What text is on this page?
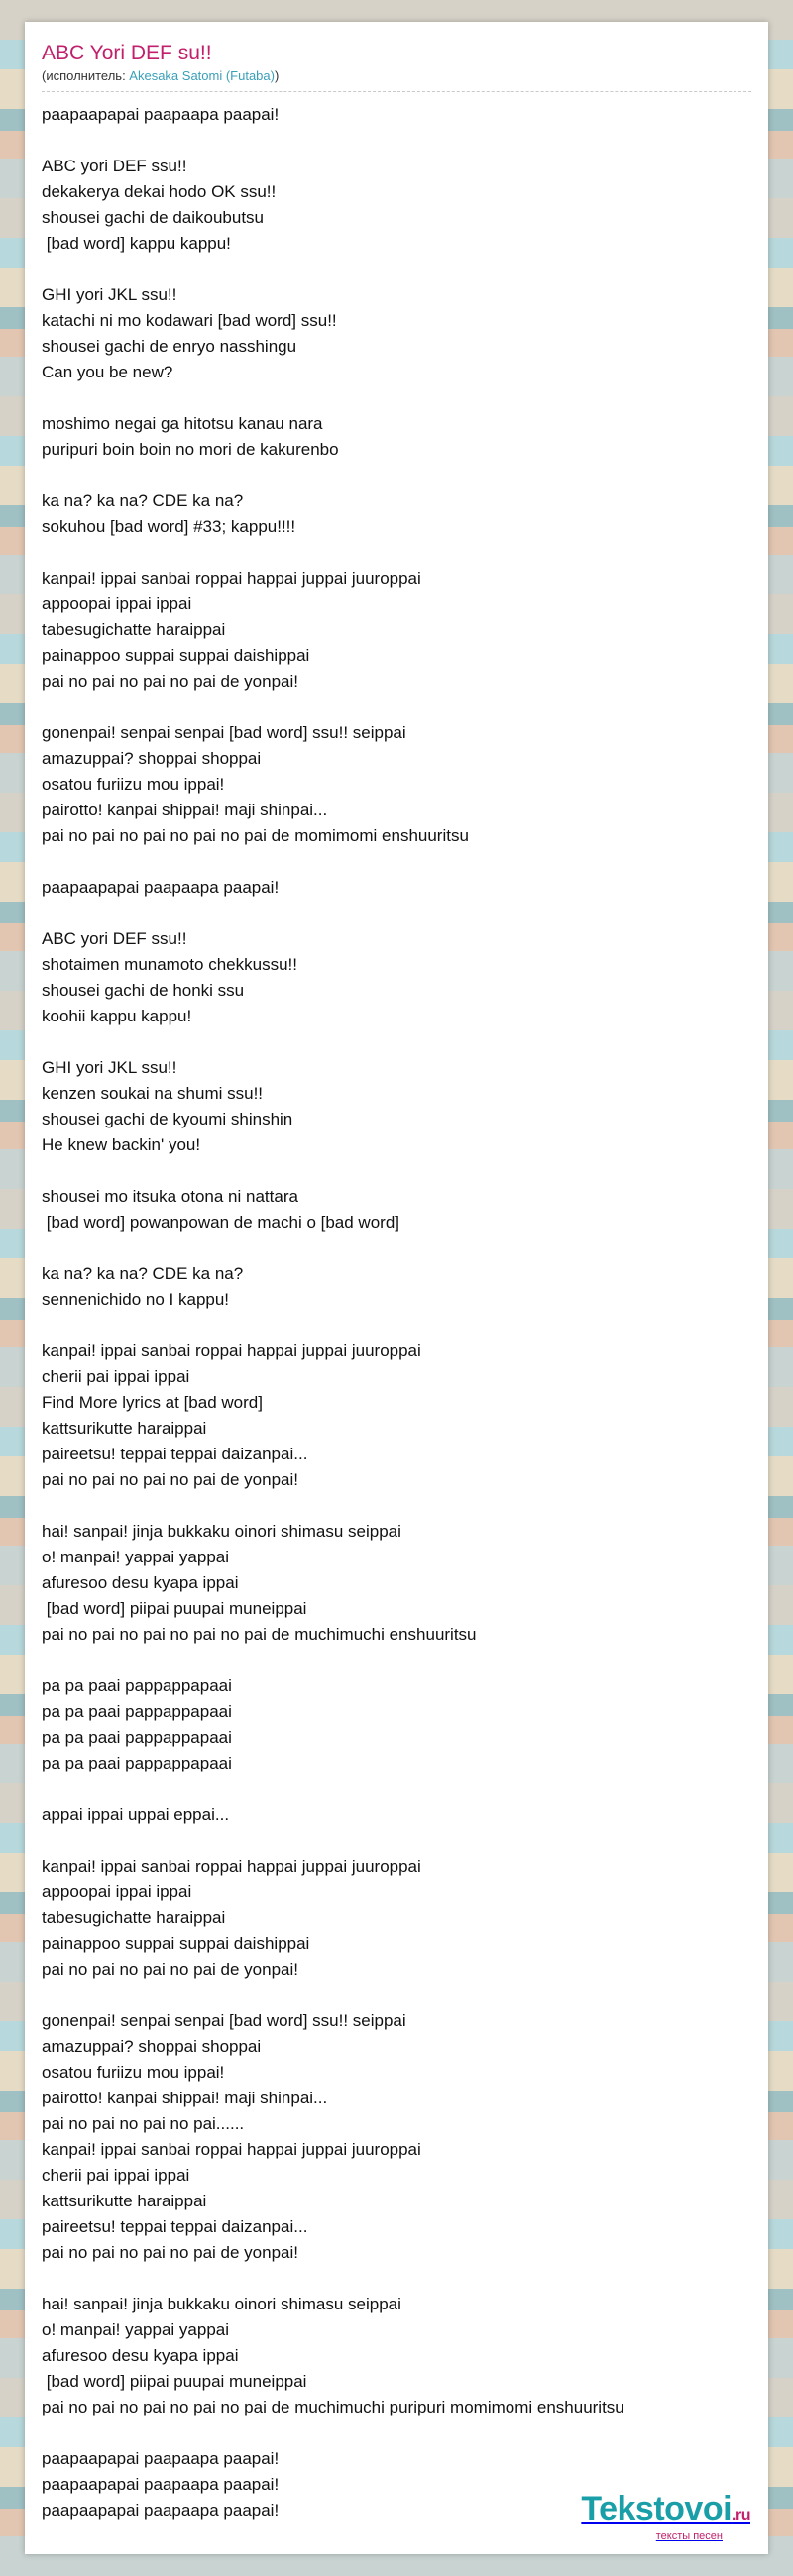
ABC Yori DEF su!!
(исполнитель: Akesaka Satomi (Futaba))
paapaapapai paapaapa paapai!
ABC yori DEF ssu!!
dekakerya dekai hodo OK ssu!!
shousei gachi de daikoubutsu
[bad word] kappu kappu!
GHI yori JKL ssu!!
katachi ni mo kodawari [bad word] ssu!!
shousei gachi de enryo nasshingu
Can you be new?
moshimo negai ga hitotsu kanau nara
puripuri boin boin no mori de kakurenbo
ka na? ka na? CDE ka na?
sokuhou [bad word] #33; kappu!!!!
kanpai! ippai sanbai roppai happai juppai juuroppai
appoopai ippai ippai
tabesugichatte haraippai
painappoo suppai suppai daishippai
pai no pai no pai no pai de yonpai!
gonenpai! senpai senpai [bad word] ssu!! seippai
amazuppai? shoppai shoppai
osatou furiizu mou ippai!
pairotto! kanpai shippai! maji shinpai...
pai no pai no pai no pai no pai de momimomi enshuuritsu
paapaapapai paapaapa paapai!
ABC yori DEF ssu!!
shotaimen munamoto chekkussu!!
shousei gachi de honki ssu
koohii kappu kappu!
GHI yori JKL ssu!!
kenzen soukai na shumi ssu!!
shousei gachi de kyoumi shinshin
He knew backin' you!
shousei mo itsuka otona ni nattara
[bad word] powanpowan de machi o [bad word]
ka na? ka na? CDE ka na?
sennenichido no I kappu!
kanpai! ippai sanbai roppai happai juppai juuroppai
cherii pai ippai ippai
Find More lyrics at [bad word]
kattsurikutte haraippai
paireetsu! teppai teppai daizanpai...
pai no pai no pai no pai de yonpai!
hai! sanpai! jinja bukkaku oinori shimasu seippai
o! manpai! yappai yappai
afuresoo desu kyapa ippai
[bad word] piipai puupai muneippai
pai no pai no pai no pai no pai de muchimuchi enshuuritsu
pa pa paai pappappapaai
pa pa paai pappappapaai
pa pa paai pappappapaai
pa pa paai pappappapaai
appai ippai uppai eppai...
kanpai! ippai sanbai roppai happai juppai juuroppai
appoopai ippai ippai
tabesugichatte haraippai
painappoo suppai suppai daishippai
pai no pai no pai no pai de yonpai!
gonenpai! senpai senpai [bad word] ssu!! seippai
amazuppai? shoppai shoppai
osatou furiizu mou ippai!
pairotto! kanpai shippai! maji shinpai...
pai no pai no pai no pai......
kanpai! ippai sanbai roppai happai juppai juuroppai
cherii pai ippai ippai
kattsurikutte haraippai
paireetsu! teppai teppai daizanpai...
pai no pai no pai no pai de yonpai!
hai! sanpai! jinja bukkaku oinori shimasu seippai
o! manpai! yappai yappai
afuresoo desu kyapa ippai
[bad word] piipai puupai muneippai
pai no pai no pai no pai no pai de muchimuchi puripuri momimomi enshuuritsu
paapaapapai paapaapa paapai!
paapaapapai paapaapa paapai!
paapaapapai paapaapa paapai!	Tekstovoi.ru
тексты песен
